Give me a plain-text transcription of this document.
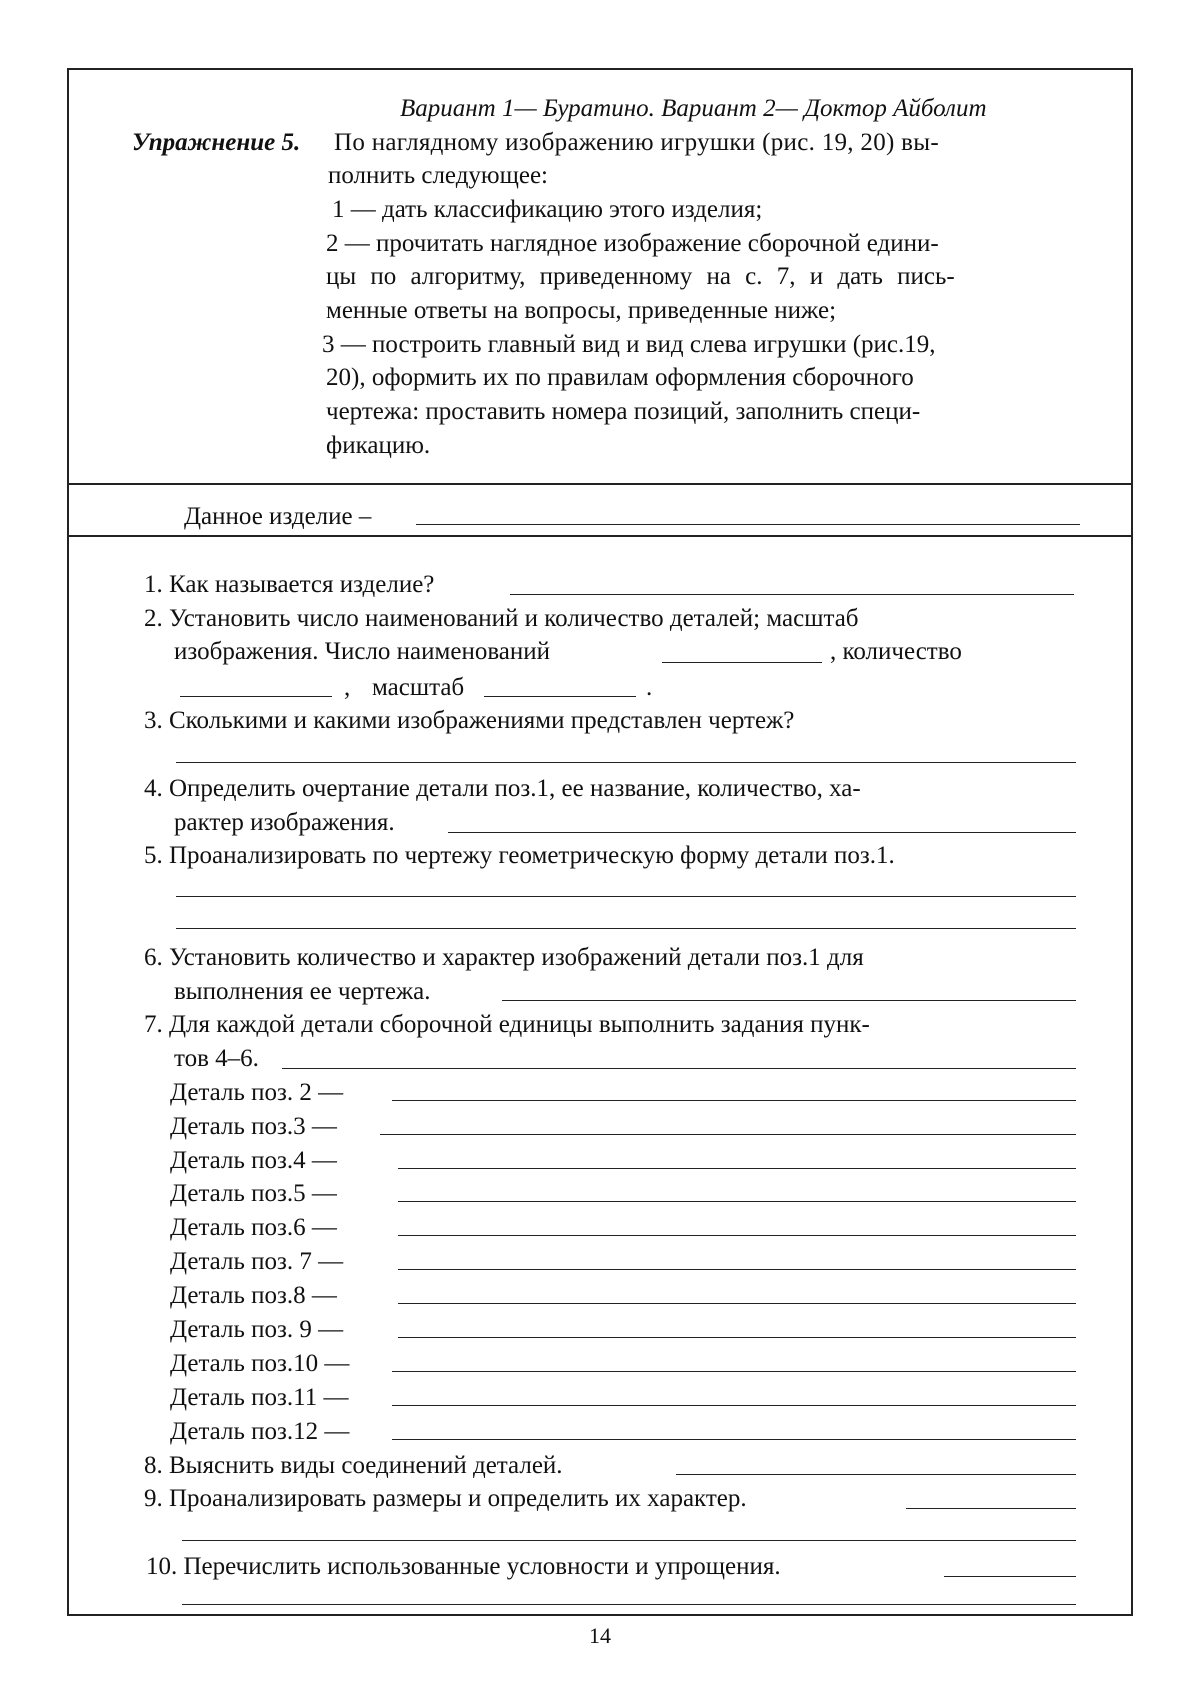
Вариант 1— Буратино. Вариант 2— Доктор Айболит
Упражнение 5. По наглядному изображению игрушки (рис. 19, 20) вы-
полнить следующее:
1 — дать классификацию этого изделия;
2 — прочитать наглядное изображение сборочной едини-
цы по алгоритму, приведенному на с. 7, и дать пись-
менные ответы на вопросы, приведенные ниже;
3 — построить главный вид и вид слева игрушки (рис.19,
20), оформить их по правилам оформления сборочного
чертежа: проставить номера позиций, заполнить специ-
фикацию.
Данное изделие –
1. Как называется изделие?
2. Установить число наименований и количество деталей; масштаб
изображения. Число наименований	, количество
, масштаб	.
3. Сколькими и какими изображениями представлен чертеж?
4. Определить очертание детали поз.1, ее название, количество, ха-
рактер изображения.
5. Проанализировать по чертежу геометрическую форму детали поз.1.
6. Установить количество и характер изображений детали поз.1 для
выполнения ее чертежа.
7. Для каждой детали сборочной единицы выполнить задания пунк-
тов 4–6.
Деталь поз. 2 —
Деталь поз.3 —
Деталь поз.4 —
Деталь поз.5 —
Деталь поз.6 —
Деталь поз. 7 —
Деталь поз.8 —
Деталь поз. 9 —
Деталь поз.10 —
Деталь поз.11 —
Деталь поз.12 —
8. Выяснить виды соединений деталей.
9. Проанализировать размеры и определить их характер.
10. Перечислить использованные условности и упрощения.
14
